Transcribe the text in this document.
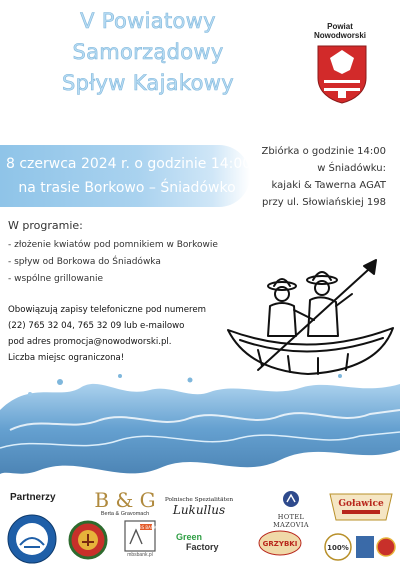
V Powiatowy
Samorządowy
Spływ Kajakowy
Powiat
Nowodworski
8 czerwca 2024 r. o godzinie 14:00
na trasie Borkowo – Śniadówko
Zbiórka o godzinie 14:00
w Śniadówku:
kajaki & Tawerna AGAT
przy ul. Słowiańskiej 198
W programie:
- złożenie kwiatów pod pomnikiem w Borkowie
- spływ od Borkowa do Śniadówka
- wspólne grillowanie
Obowiązują zapisy telefoniczne pod numerem
(22) 765 32 04, 765 32 09 lub e-mailowo
pod adres promocja@nowodworski.pl.
Liczba miejsc ograniczona!
Partnerzy B & G
Berta & Gravomach
Polnische Spezialitäten
Lukullus	HOTEL MAZOVIA
Goławice
MBS BANK
mbsbank.pl
Green
Factory	GRZYBKI	100%
